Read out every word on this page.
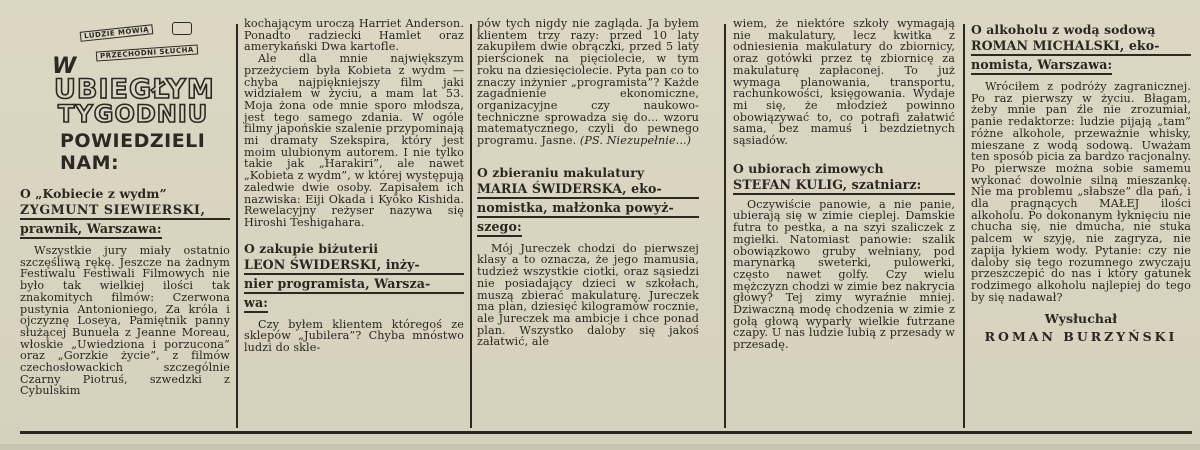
LUDZIE MÓWIĄ
PRZECHODNI SŁUCHA
W
UBIEGŁYM
TYGODNIU
POWIEDZIELI
NAM:
O „Kobiecie z wydm”
ZYGMUNT SIEWIERSKI,
prawnik, Warszawa:

Wszystkie jury miały ostatnio szczęśliwą rękę. Jeszcze na żadnym Festiwalu Festiwali Filmowych nie było tak wielkiej ilości tak znakomitych filmów: Czerwona pustynia Antonioniego, Za króla i ojczyznę Loseya, Pamiętnik panny służącej Bunuela z Jeanne Moreau, włoskie „Uwiedziona i porzucona” oraz „Gorzkie życie”, z filmów czechosłowackich szczególnie Czarny Piotruś, szwedzki z Cybulskim

kochającym uroczą Harriet Anderson. Ponadto radziecki Hamlet oraz amerykański Dwa kartofle.

Ale dla mnie największym przeżyciem była Kobieta z wydm — chyba najpiękniejszy film jaki widziałem w życiu, a mam lat 53. Moja żona ode mnie sporo młodsza, jest tego samego zdania. W ogóle filmy japońskie szalenie przypominają mi dramaty Szekspira, który jest moim ulubionym autorem. I nie tylko takie jak „Harakiri”, ale nawet „Kobieta z wydm”, w której występują zaledwie dwie osoby. Zapisałem ich nazwiska: Eiji Okada i Kyōko Kishida. Rewelacyjny reżyser nazywa się Hiroshi Teshigahara.

O zakupie biżuterii
LEON ŚWIDERSKI, inży-
nier programista, Warsza-
wa:

Czy byłem klientem któregoś ze sklepów „Jubilera”? Chyba mnóstwo ludzi do skle-

pów tych nigdy nie zagląda. Ja byłem klientem trzy razy: przed 10 laty zakupiłem dwie obrączki, przed 5 laty pierścionek na pięciolecie, w tym roku na dziesięciolecie. Pyta pan co to znaczy inżynier „programista”? Każde zagadnienie ekonomiczne, organizacyjne czy naukowo-techniczne sprowadza się do... wzoru matematycznego, czyli do pewnego programu. Jasne. (PS. Niezupełnie...)

O zbieraniu makulatury
MARIA ŚWIDERSKA, eko-
nomistka, małżonka powyż-
szego:

Mój Jureczek chodzi do pierwszej klasy a to oznacza, że jego mamusia, tudzież wszystkie ciotki, oraz sąsiedzi nie posiadający dzieci w szkołach, muszą zbierać makulaturę. Jureczek ma plan, dziesięć kilogramów rocznie, ale Jureczek ma ambicje i chce ponad plan. Wszystko daloby się jakoś załatwić, ale

wiem, że niektóre szkoły wymagają nie makulatury, lecz kwitka z odniesienia makulatury do zbiornicy, oraz gotówki przez tę zbiornicę za makulaturę zapłaconej. To już wymaga planowania, transportu, rachunkowości, księgowania. Wydaje mi się, że młodzież powinno obowiązywać to, co potrafi załatwić sama, bez mamuś i bezdzietnych sąsiadów.

O ubiorach zimowych
STEFAN KULIG, szatniarz:

Oczywiście panowie, a nie panie, ubierają się w zimie cieplej. Damskie futra to pestka, a na szyi szaliczek z mgiełki. Natomiast panowie: szalik obowiązkowo gruby wełniany, pod marynarką sweterki, pulowerki, często nawet golfy. Czy wielu mężczyzn chodzi w zimie bez nakrycia głowy? Tej zimy wyraźnie mniej. Dziwaczną modę chodzenia w zimie z gołą głową wyparły wielkie futrzane czapy. U nas ludzie lubią z przesady w przesadę.

O alkoholu z wodą sodową
ROMAN MICHALSKI, eko-
nomista, Warszawa:

Wróciłem z podróży zagranicznej. Po raz pierwszy w życiu. Błagam, żeby mnie pan źle nie zrozumiał, panie redaktorze: ludzie pijają „tam” różne alkohole, przeważnie whisky, mieszane z wodą sodową. Uważam ten sposób picia za bardzo racjonalny. Po pierwsze można sobie samemu wykonać dowolnie silną mieszankę. Nie ma problemu „słabsze” dla pań, i dla pragnących MAŁEJ ilości alkoholu. Po dokonanym łyknięciu nie chucha się, nie dmucha, nie stuka palcem w szyję, nie zagryza, nie zapija łykiem wody. Pytanie: czy nie daloby się tego rozumnego zwyczaju przeszczepić do nas i który gatunek rodzimego alkoholu najlepiej do tego by się nadawał?

Wysłuchał
ROMAN BURZYŃSKI
